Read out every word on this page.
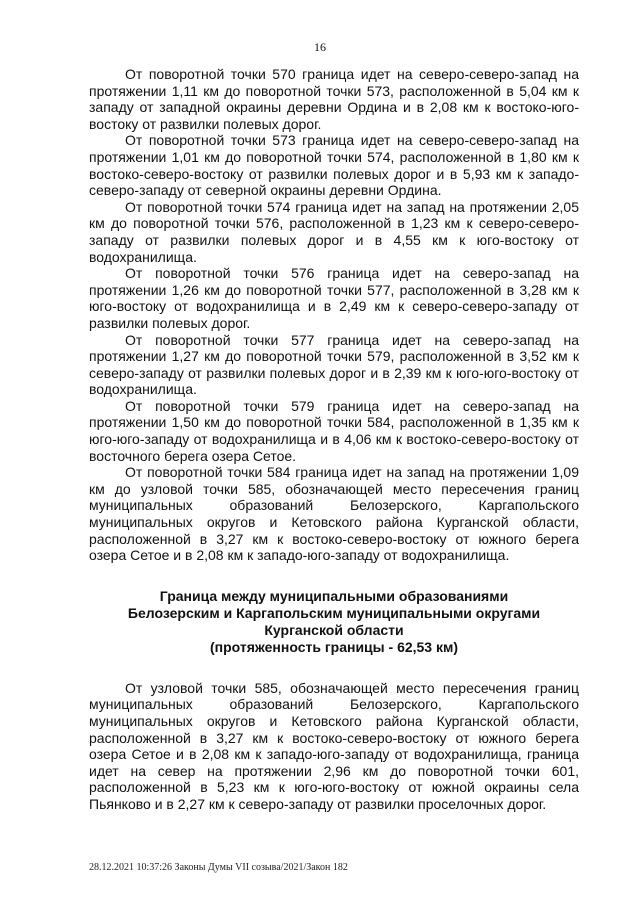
16

От поворотной точки 570 граница идет на северо-северо-запад на протяжении 1,11 км до поворотной точки 573, расположенной в 5,04 км к западу от западной окраины деревни Ордина и в 2,08 км к востоко-юго-востоку от развилки полевых дорог.

От поворотной точки 573 граница идет на северо-северо-запад на протяжении 1,01 км до поворотной точки 574, расположенной в 1,80 км к востоко-северо-востоку от развилки полевых дорог и в 5,93 км к западо-северо-западу от северной окраины деревни Ордина.

От поворотной точки 574 граница идет на запад на протяжении 2,05 км до поворотной точки 576, расположенной в 1,23 км к северо-северо-западу от развилки полевых дорог и в 4,55 км к юго-востоку от водохранилища.

От поворотной точки 576 граница идет на северо-запад на протяжении 1,26 км до поворотной точки 577, расположенной в 3,28 км к юго-востоку от водохранилища и в 2,49 км к северо-северо-западу от развилки полевых дорог.

От поворотной точки 577 граница идет на северо-запад на протяжении 1,27 км до поворотной точки 579, расположенной в 3,52 км к северо-западу от развилки полевых дорог и в 2,39 км к юго-юго-востоку от водохранилища.

От поворотной точки 579 граница идет на северо-запад на протяжении 1,50 км до поворотной точки 584, расположенной в 1,35 км к юго-юго-западу от водохранилища и в 4,06 км к востоко-северо-востоку от восточного берега озера Сетое.

От поворотной точки 584 граница идет на запад на протяжении 1,09 км до узловой точки 585, обозначающей место пересечения границ муниципальных образований Белозерского, Каргапольского муниципальных округов и Кетовского района Курганской области, расположенной в 3,27 км к востоко-северо-востоку от южного берега озера Сетое и в 2,08 км к западо-юго-западу от водохранилища.

Граница между муниципальными образованиями
Белозерским и Каргапольским муниципальными округами
Курганской области
(протяженность границы - 62,53 км)

От узловой точки 585, обозначающей место пересечения границ муниципальных образований Белозерского, Каргапольского муниципальных округов и Кетовского района Курганской области, расположенной в 3,27 км к востоко-северо-востоку от южного берега озера Сетое и в 2,08 км к западо-юго-западу от водохранилища, граница идет на север на протяжении 2,96 км до поворотной точки 601, расположенной в 5,23 км к юго-юго-востоку от южной окраины села Пьянково и в 2,27 км к северо-западу от развилки проселочных дорог.

28.12.2021 10:37:26 Законы Думы VII созыва/2021/Закон 182
